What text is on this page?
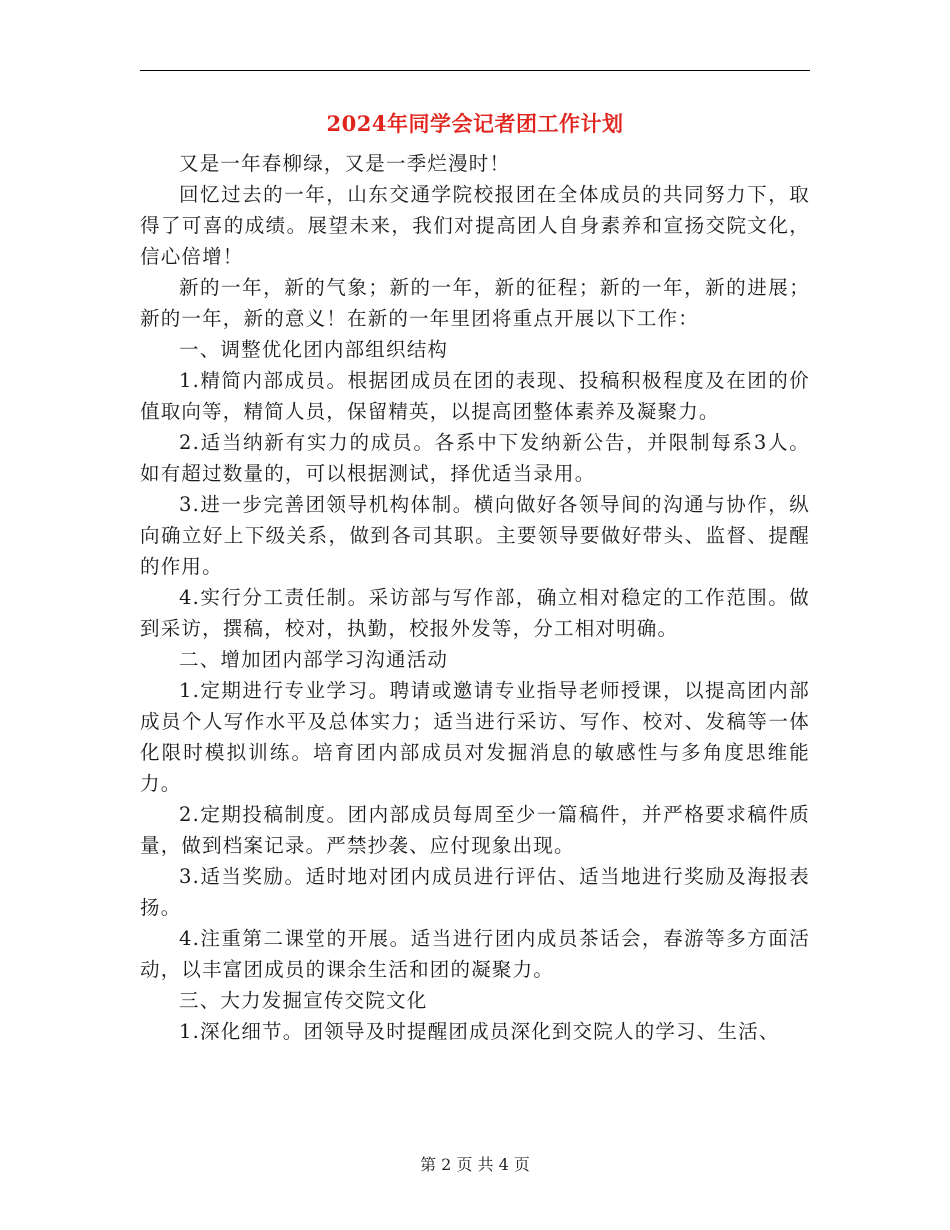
2024年同学会记者团工作计划

又是一年春柳绿，又是一季烂漫时！

回忆过去的一年，山东交通学院校报团在全体成员的共同努力下，取得了可喜的成绩。展望未来，我们对提高团人自身素养和宣扬交院文化，信心倍增！

新的一年，新的气象；新的一年，新的征程；新的一年，新的进展；新的一年，新的意义！在新的一年里团将重点开展以下工作：

一、调整优化团内部组织结构

1.精简内部成员。根据团成员在团的表现、投稿积极程度及在团的价值取向等，精简人员，保留精英，以提高团整体素养及凝聚力。

2.适当纳新有实力的成员。各系中下发纳新公告，并限制每系3人。如有超过数量的，可以根据测试，择优适当录用。

3.进一步完善团领导机构体制。横向做好各领导间的沟通与协作，纵向确立好上下级关系，做到各司其职。主要领导要做好带头、监督、提醒的作用。

4.实行分工责任制。采访部与写作部，确立相对稳定的工作范围。做到采访，撰稿，校对，执勤，校报外发等，分工相对明确。

二、增加团内部学习沟通活动

1.定期进行专业学习。聘请或邀请专业指导老师授课，以提高团内部成员个人写作水平及总体实力；适当进行采访、写作、校对、发稿等一体化限时模拟训练。培育团内部成员对发掘消息的敏感性与多角度思维能力。

2.定期投稿制度。团内部成员每周至少一篇稿件，并严格要求稿件质量，做到档案记录。严禁抄袭、应付现象出现。

3.适当奖励。适时地对团内成员进行评估、适当地进行奖励及海报表扬。

4.注重第二课堂的开展。适当进行团内成员茶话会，春游等多方面活动，以丰富团成员的课余生活和团的凝聚力。

三、大力发掘宣传交院文化

1.深化细节。团领导及时提醒团成员深化到交院人的学习、生活、

第 2 页 共 4 页
